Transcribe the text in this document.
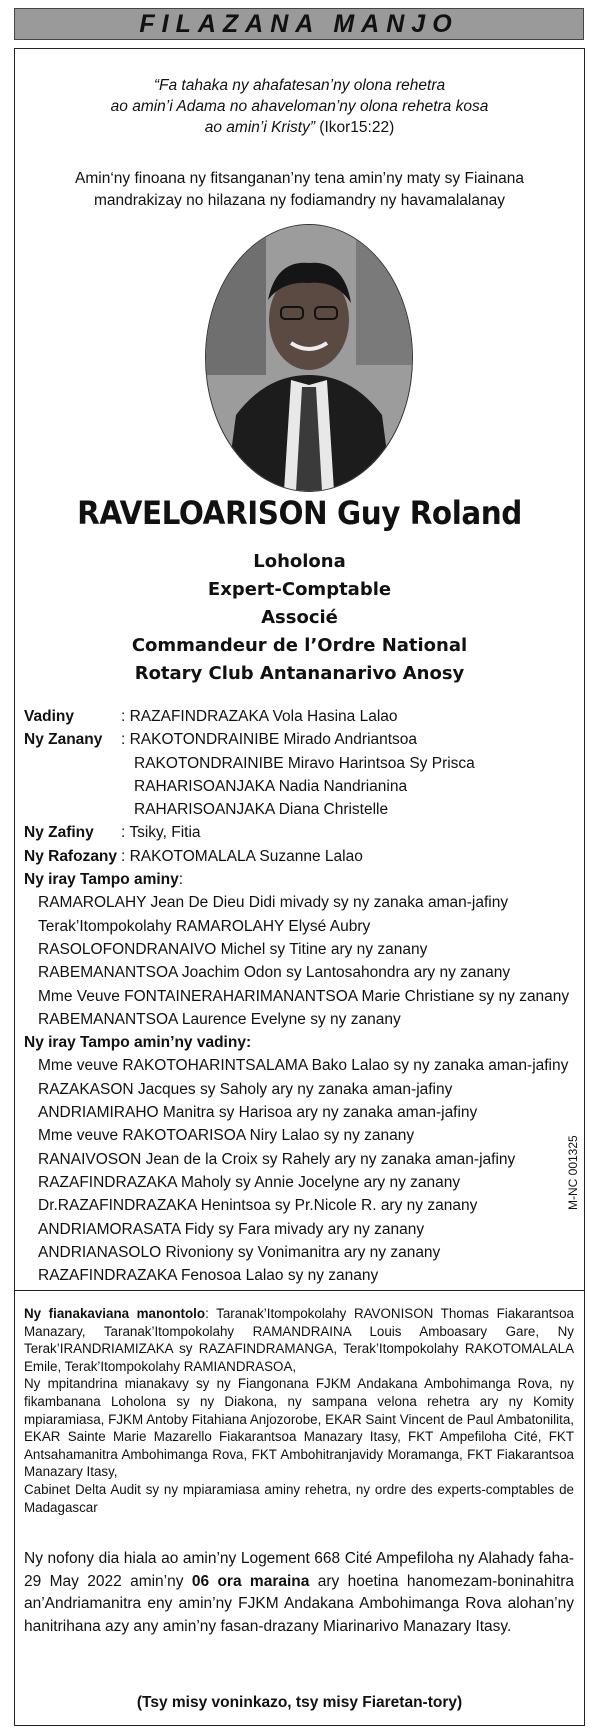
FILAZANA MANJO
“Fa tahaka ny ahafatesan’ny olona rehetra
ao amin’i Adama no ahaveloman’ny olona rehetra kosa
ao amin’i Kristy” (Ikor15:22)
Amin‘ny finoana ny fitsanganan’ny tena amin’ny maty sy Fiainana
mandrakizay no hilazana ny fodiamandry ny havamalalanay
RAVELOARISON Guy Roland
Loholona
Expert-Comptable
Associé
Commandeur de l’Ordre National
Rotary Club Antananarivo Anosy
Vadiny	: RAZAFINDRAZAKA Vola Hasina Lalao
Ny Zanany : RAKOTONDRAINIBE Mirado Andriantsoa
RAKOTONDRAINIBE Miravo Harintsoa Sy Prisca
RAHARISOANJAKA Nadia Nandrianina
RAHARISOANJAKA Diana Christelle
Ny Zafiny : Tsiky, Fitia
Ny Rafozany : RAKOTOMALALA Suzanne Lalao
Ny iray Tampo aminy:
RAMAROLAHY Jean De Dieu Didi mivady sy ny zanaka aman-jafiny
Terak’Itompokolahy RAMAROLAHY Elysé Aubry
RASOLOFONDRANAIVO Michel sy Titine ary ny zanany
RABEMANANTSOA Joachim Odon sy Lantosahondra ary ny zanany
Mme Veuve FONTAINERAHARIMANANTSOA Marie Christiane sy ny zanany
RABEMANANTSOA Laurence Evelyne sy ny zanany
Ny iray Tampo amin’ny vadiny:
Mme veuve RAKOTOHARINTSALAMA Bako Lalao sy ny zanaka aman-jafiny
RAZAKASON Jacques sy Saholy ary ny zanaka aman-jafiny
ANDRIAMIRAHO Manitra sy Harisoa ary ny zanaka aman-jafiny
Mme veuve RAKOTOARISOA Niry Lalao sy ny zanany
RANAIVOSON Jean de la Croix sy Rahely ary ny zanaka aman-jafiny
RAZAFINDRAZAKA Maholy sy Annie Jocelyne ary ny zanany
Dr.RAZAFINDRAZAKA Henintsoa sy Pr.Nicole R. ary ny zanany
ANDRIAMORASATA Fidy sy Fara mivady ary ny zanany
ANDRIANASOLO Rivoniony sy Vonimanitra ary ny zanany
RAZAFINDRAZAKA Fenosoa Lalao sy ny zanany
M-NC 001325
Ny fianakaviana manontolo: Taranak’Itompokolahy RAVONISON Thomas Fiakarantsoa Manazary, Taranak’Itompokolahy RAMANDRAINA Louis Amboasary Gare, Ny Terak’IRANDRIAMIZAKA sy RAZAFINDRAMANGA, Terak’Itompokolahy RAKOTOMALALA Emile, Terak’Itompokolahy RAMIANDRASOA,
Ny mpitandrina mianakavy sy ny Fiangonana FJKM Andakana Ambohimanga Rova, ny fikambanana Loholona sy ny Diakona, ny sampana velona rehetra ary ny Komity mpiaramiasa, FJKM Antoby Fitahiana Anjozorobe, EKAR Saint Vincent de Paul Ambatonilita, EKAR Sainte Marie Mazarello Fiakarantsoa Manazary Itasy, FKT Ampefiloha Cité, FKT Antsahamanitra Ambohimanga Rova, FKT Ambohitranjavidy Moramanga, FKT Fiakarantsoa Manazary Itasy,
Cabinet Delta Audit sy ny mpiaramiasa aminy rehetra, ny ordre des experts-comptables de Madagascar
Ny nofony dia hiala ao amin’ny Logement 668 Cité Ampefiloha ny Alahady faha-29 May 2022 amin’ny 06 ora maraina ary hoetina hanomezam-boninahitra an’Andriamanitra eny amin’ny FJKM Andakana Ambohimanga Rova alohan’ny hanitrihana azy any amin’ny fasan-drazany Miarinarivo Manazary Itasy.
(Tsy misy voninkazo, tsy misy Fiaretan-tory)
